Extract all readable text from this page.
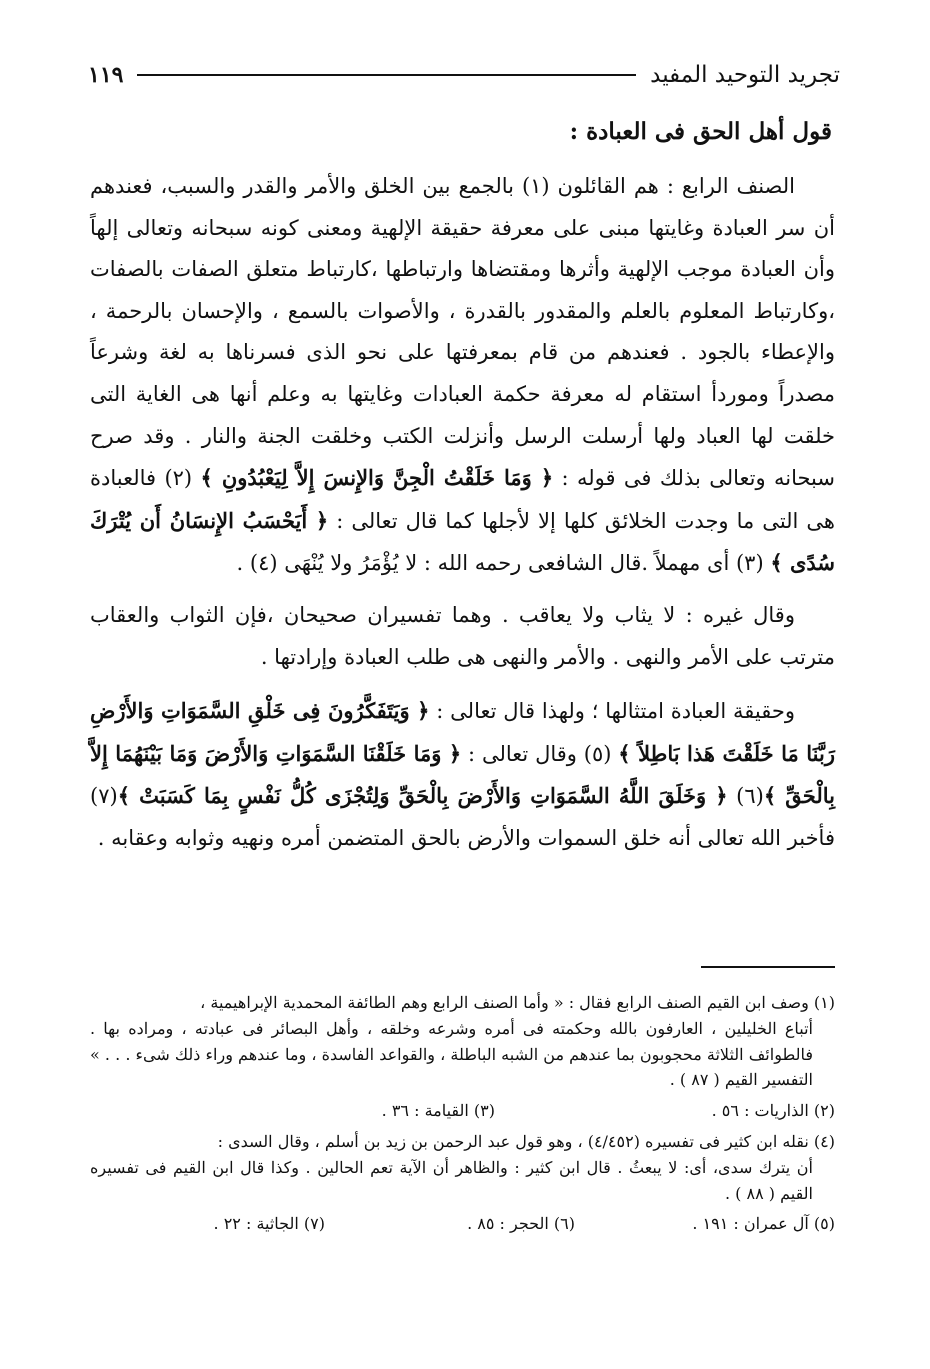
تجريد التوحيد المفيد
١١٩
قول أهل الحق فى العبادة :

الصنف الرابع : هم القائلون (١) بالجمع بين الخلق والأمر والقدر والسبب، فعندهم أن سر العبادة وغايتها مبنى على معرفة حقيقة الإلهية ومعنى كونه سبحانه وتعالى إلهاً وأن العبادة موجب الإلهية وأثرها ومقتضاها وارتباطها ،كارتباط متعلق الصفات بالصفات ،وكارتباط المعلوم بالعلم والمقدور بالقدرة ، والأصوات بالسمع ، والإحسان بالرحمة ، والإعطاء بالجود . فعندهم من قام بمعرفتها على نحو الذى فسرناها به لغة وشرعاً مصدراً وموردأ استقام له معرفة حكمة العبادات وغايتها به وعلم أنها هى الغاية التى خلقت لها العباد ولها أرسلت الرسل وأنزلت الكتب وخلقت الجنة والنار . وقد صرح سبحانه وتعالى بذلك فى قوله : ﴿ وَمَا خَلَقْتُ الْجِنَّ وَالإِنسَ إِلاَّ لِيَعْبُدُونِ ﴾ (٢) فالعبادة هى التى ما وجدت الخلائق كلها إلا لأجلها كما قال تعالى : ﴿ أَيَحْسَبُ الإِنسَانُ أَن يُتْرَكَ سُدًى ﴾ (٣) أى مهملاً .قال الشافعى رحمه الله : لا يُؤْمَرُ ولا يُنْهَى (٤) .

وقال غيره : لا يثاب ولا يعاقب . وهما تفسيران صحيحان ،فإن الثواب والعقاب مترتب على الأمر والنهى . والأمر والنهى هى طلب العبادة وإرادتها .

وحقيقة العبادة امتثالها ؛ ولهذا قال تعالى : ﴿ وَيَتَفَكَّرُونَ فِى خَلْقِ السَّمَوَاتِ وَالأَرْضِ رَبَّنَا مَا خَلَقْتَ هَذا بَاطِلاً ﴾ (٥) وقال تعالى : ﴿ وَمَا خَلَقْنَا السَّمَوَاتِ وَالأَرْضَ وَمَا بَيْنَهُمَا إِلاَّ بِالْحَقِّ ﴾(٦) ﴿ وَخَلَقَ اللَّهُ السَّمَوَاتِ وَالأَرْضَ بِالْحَقِّ وَلِتُجْزَى كُلُّ نَفْسٍ بِمَا كَسَبَتْ ﴾(٧) فأخبر الله تعالى أنه خلق السموات والأرض بالحق المتضمن أمره ونهيه وثوابه وعقابه .

(١) وصف ابن القيم الصنف الرابع فقال : « وأما الصنف الرابع وهم الطائفة المحمدية الإبراهيمية ،
أتباع الخليلين ، العارفون بالله وحكمته فى أمره وشرعه وخلقه ، وأهل البصائر فى عبادته ، ومراده بها . فالطوائف الثلاثة محجوبون بما عندهم من الشبه الباطلة ، والقواعد الفاسدة ، وما عندهم وراء ذلك شىء . . . » التفسير القيم ( ٨٧ ) .

(٢) الذاريات : ٥٦ .
(٣) القيامة : ٣٦ .

(٤) نقله ابن كثير فى تفسيره (٤/٤٥٢) ، وهو قول عبد الرحمن بن زيد بن أسلم ، وقال السدى :
أن يترك سدى، أى: لا يبعثُ . قال ابن كثير : والظاهر أن الآية تعم الحالين . وكذا قال ابن القيم فى تفسيره القيم ( ٨٨ ) .

(٥) آل عمران : ١٩١ .
(٦) الحجر : ٨٥ .
(٧) الجاثية : ٢٢ .
